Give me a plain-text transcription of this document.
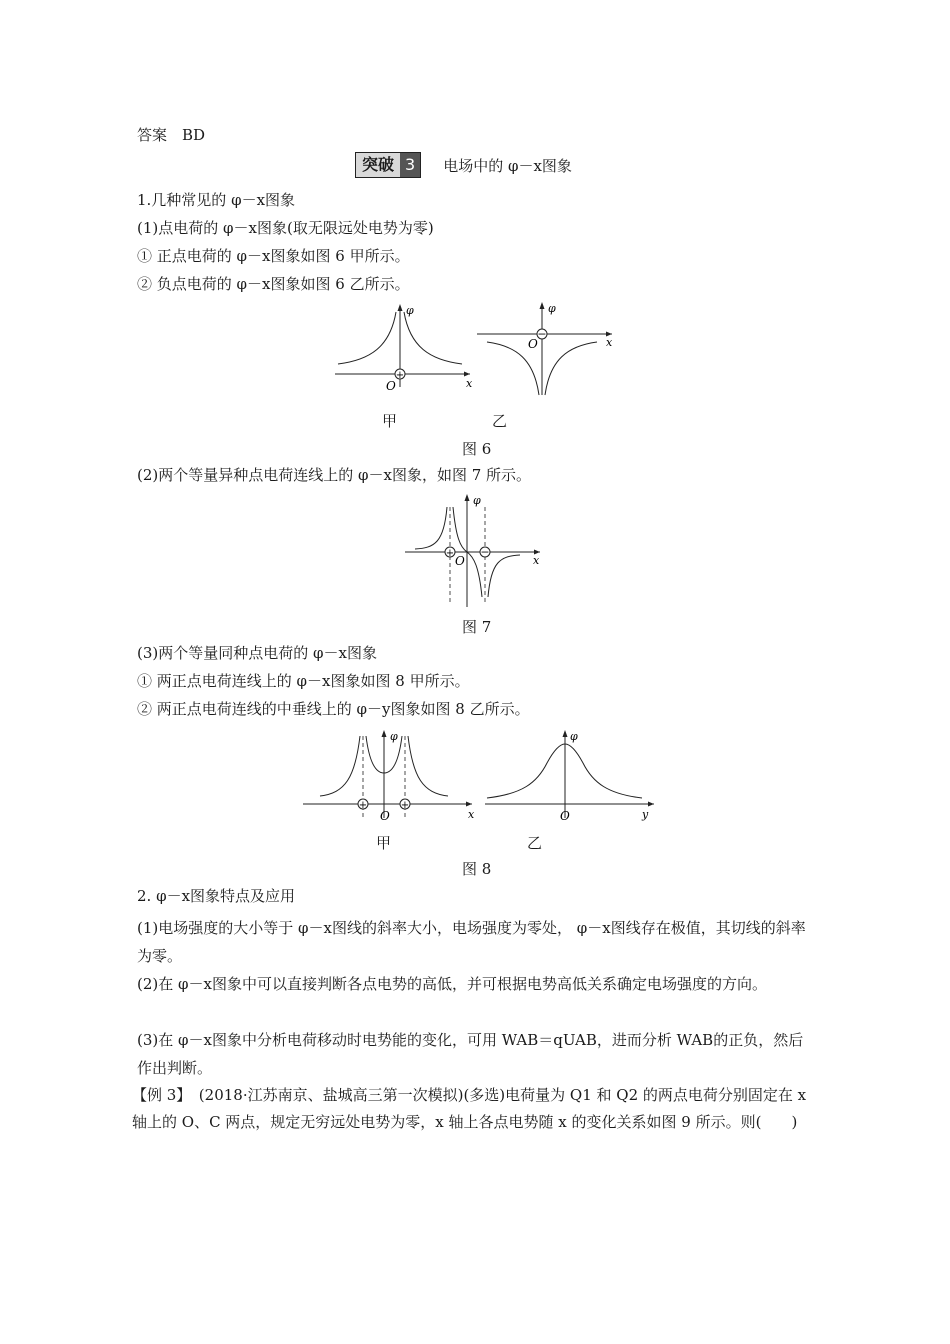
答案　BD
突破 3	电场中的 φ－x图象
1.几种常见的 φ－x图象
(1)点电荷的 φ－x图象(取无限远处电势为零)
① 正点电荷的 φ－x图象如图 6 甲所示。
② 负点电荷的 φ－x图象如图 6 乙所示。
+
O
φ
x
−
O
φ
x
甲	乙
图 6
(2)两个等量异种点电荷连线上的 φ－x图象，如图 7 所示。
+ −
O
φ
x
图 7
(3)两个等量同种点电荷的 φ－x图象
① 两正点电荷连线上的 φ－x图象如图 8 甲所示。
② 两正点电荷连线的中垂线上的 φ－y图象如图 8 乙所示。
+	+
O
φ
x	O
φ
y
甲	乙
图 8
2. φ－x图象特点及应用
(1)电场强度的大小等于 φ－x图线的斜率大小，电场强度为零处， φ－x图线存在极值，其切线的斜率为零。
(2)在 φ－x图象中可以直接判断各点电势的高低，并可根据电势高低关系确定电场强度的方向。
(3)在 φ－x图象中分析电荷移动时电势能的变化，可用 WAB＝qUAB，进而分析 WAB的正负，然后作出判断。
【例 3】　(2018·江苏南京、盐城高三第一次模拟)(多选)电荷量为 Q1 和 Q2 的两点电荷分别固定在 x 轴上的 O、C 两点，规定无穷远处电势为零，x 轴上各点电势随 x 的变化关系如图 9 所示。则(　　)
